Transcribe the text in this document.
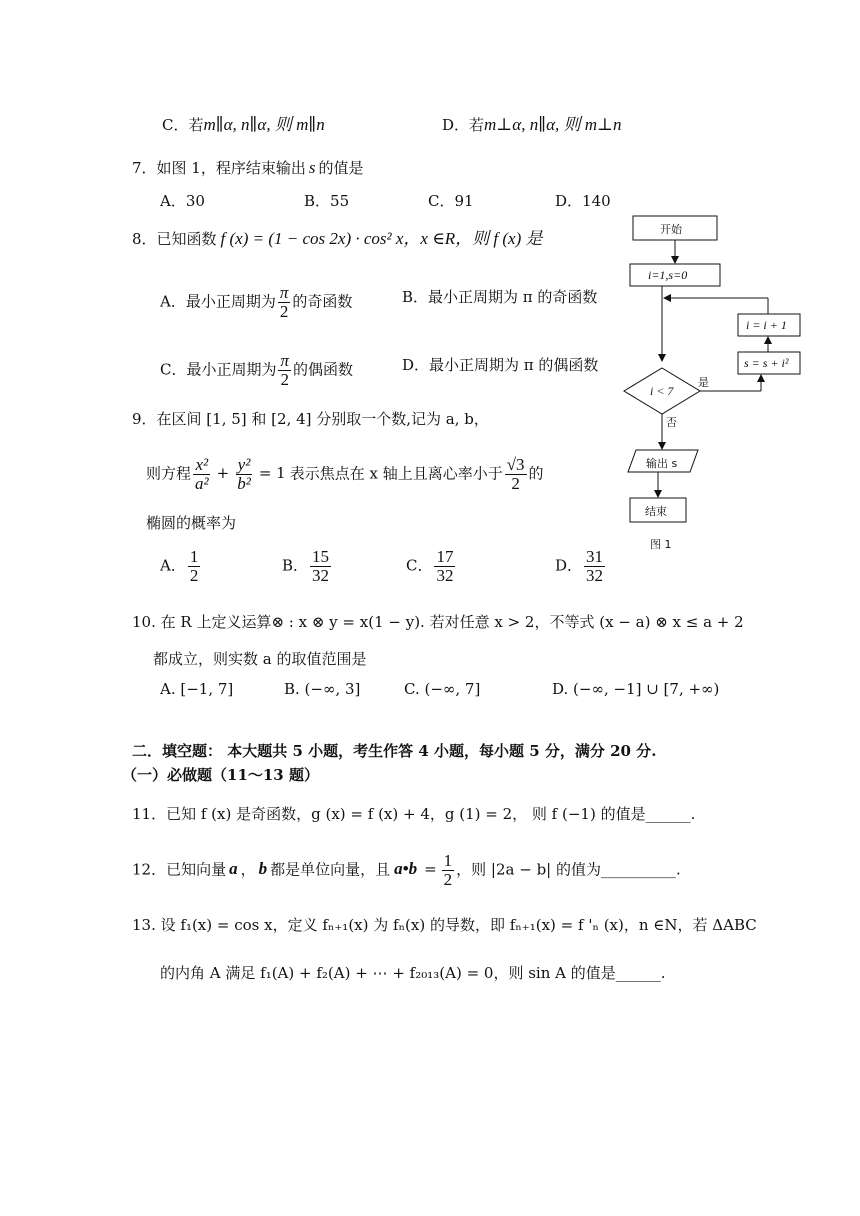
C．若m∥α, n∥α, 则 m∥n	D．若m⊥α, n∥α, 则 m⊥n
7．如图 1，程序结束输出 s 的值是
A．30	B．55	C．91	D．140
8．已知函数 f (x) = (1 − cos 2x) · cos² x，x ∈R，则 f (x) 是
A．最小正周期为 $\frac{\pi}{2}$ 的奇函数	B．最小正周期为 π 的奇函数
C．最小正周期为 $\frac{\pi}{2}$ 的偶函数	D．最小正周期为 π 的偶函数
9．在区间 [1, 5] 和 [2, 4] 分别取一个数,记为 a, b，
则方程 $\frac{\text{x²}}{\text{a²}} + \frac{\text{y²}}{\text{b²}} = 1$ 表示焦点在 x 轴上且离心率小于 $\frac{√3}{2}$ 的
椭圆的概率为
A． $\frac{1}{2}$	B． $\frac{15}{32}$	C． $\frac{17}{32}$	D． $\frac{31}{32}$
10. 在 R 上定义运算⊗ : x ⊗ y = x(1 − y). 若对任意 x > 2，不等式 (x − a) ⊗ x ≤ a + 2
都成立，则实数 a 的取值范围是
A. [−1, 7]	B. (−∞, 3]	C. (−∞, 7]	D. (−∞, −1] ∪ [7, +∞)
二．填空题： 本大题共 5 小题，考生作答 4 小题，每小题 5 分，满分 20 分.
（一）必做题（11～13 题）
11．已知 f (x) 是奇函数，g (x) = f (x) + 4，g (1) = 2， 则 f (−1) 的值是______.
12．已知向量 a ， b 都是单位向量，且 a•b = $\frac{1}{2}$ ，则 |2a − b| 的值为__________.
13. 设 f₁(x) = cos x，定义 fₙ₊₁(x) 为 fₙ(x) 的导数，即 fₙ₊₁(x) = f 'ₙ (x)，n ∈N，若 ΔABC
的内角 A 满足 f₁(A) + f₂(A) + ⋯ + f₂₀₁₃(A) = 0，则 sin A 的值是______.
开始
i=1,s=0
i = i + 1
s = s + i²
i < 7
是
否
输出 s
结束
图 1
